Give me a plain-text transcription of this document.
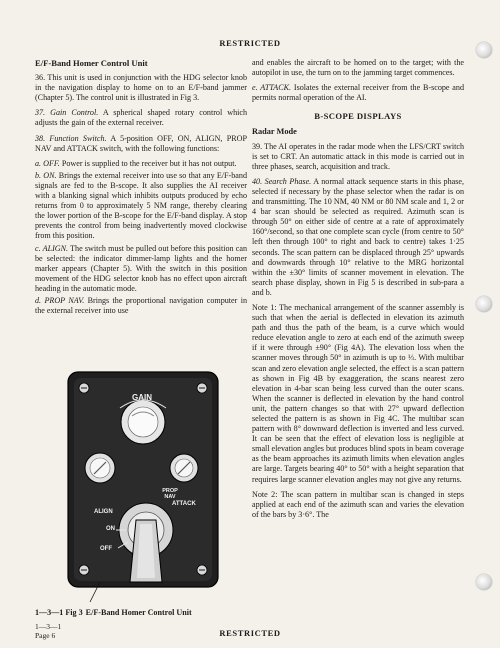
RESTRICTED
E/F-Band Homer Control Unit

36. This unit is used in conjunction with the HDG selector knob in the navigation display to home on to an E/F-band jammer (Chapter 5). The control unit is illustrated in Fig 3.

37. Gain Control. A spherical shaped rotary control which adjusts the gain of the external receiver.

38. Function Switch. A 5-position OFF, ON, ALIGN, PROP NAV and ATTACK switch, with the following functions:

a. OFF. Power is supplied to the receiver but it has not output.

b. ON. Brings the external receiver into use so that any E/F-band signals are fed to the B-scope. It also supplies the AI receiver with a blanking signal which inhibits outputs produced by echo returns from 0 to approximately 5 NM range, thereby clearing the lower portion of the B-scope for the E/F-band display. A stop prevents the control from being inadvertently moved clockwise from this position.

c. ALIGN. The switch must be pulled out before this position can be selected: the indicator dimmer-lamp lights and the homer marker appears (Chapter 5). With the switch in this position movement of the HDG selector knob has no effect upon aircraft heading in the automatic mode.

d. PROP NAV. Brings the proportional navigation computer in the external receiver into use

GAIN
PROP NAV
ATTACK
ALIGN
ON
OFF
1—3—1 Fig 3 E/F-Band Homer Control Unit

and enables the aircraft to be homed on to the target; with the autopilot in use, the turn on to the jamming target commences.

e. ATTACK. Isolates the external receiver from the B-scope and permits normal operation of the AI.

B-SCOPE DISPLAYS
Radar Mode

39. The AI operates in the radar mode when the LFS/CRT switch is set to CRT. An automatic attack in this mode is carried out in three phases, search, acquisition and track.

40. Search Phase. A normal attack sequence starts in this phase, selected if necessary by the phase selector when the radar is on and transmitting. The 10 NM, 40 NM or 80 NM scale and 1, 2 or 4 bar scan should be selected as required. Azimuth scan is through 50° on either side of centre at a rate of approximately 160°/second, so that one complete scan cycle (from centre to 50° left then through 100° to right and back to centre) takes 1·25 seconds. The scan pattern can be displaced through 25° upwards and downwards through 10° relative to the MRG horizontal within the ±30° limits of scanner movement in elevation. The search phase display, shown in Fig 5 is described in sub-para a and b.

Note 1: The mechanical arrangement of the scanner assembly is such that when the aerial is deflected in elevation its azimuth path and thus the path of the beam, is a curve which would reduce elevation angle to zero at each end of the azimuth sweep if it were through ±90° (Fig 4A). The elevation loss when the scanner moves through 50° in azimuth is up to ⅓. With multibar scan and zero elevation angle selected, the effect is a scan pattern as shown in Fig 4B by exaggeration, the scans nearest zero elevation in 4-bar scan being less curved than the outer scans. When the scanner is deflected in elevation by the hand control unit, the pattern changes so that with 27° upward deflection selected the pattern is as shown in Fig 4C. The multibar scan pattern with 8° downward deflection is inverted and less curved. It can be seen that the effect of elevation loss is negligible at small elevation angles but produces blind spots in beam coverage as the beam approaches its azimuth limits when elevation angles are large. Targets bearing 40° to 50° with a height separation that requires large scanner elevation angles may not give any returns.

Note 2: The scan pattern in multibar scan is changed in steps applied at each end of the azimuth scan and varies the elevation of the bars by 3·6°. The

1—3—1
Page 6	RESTRICTED
